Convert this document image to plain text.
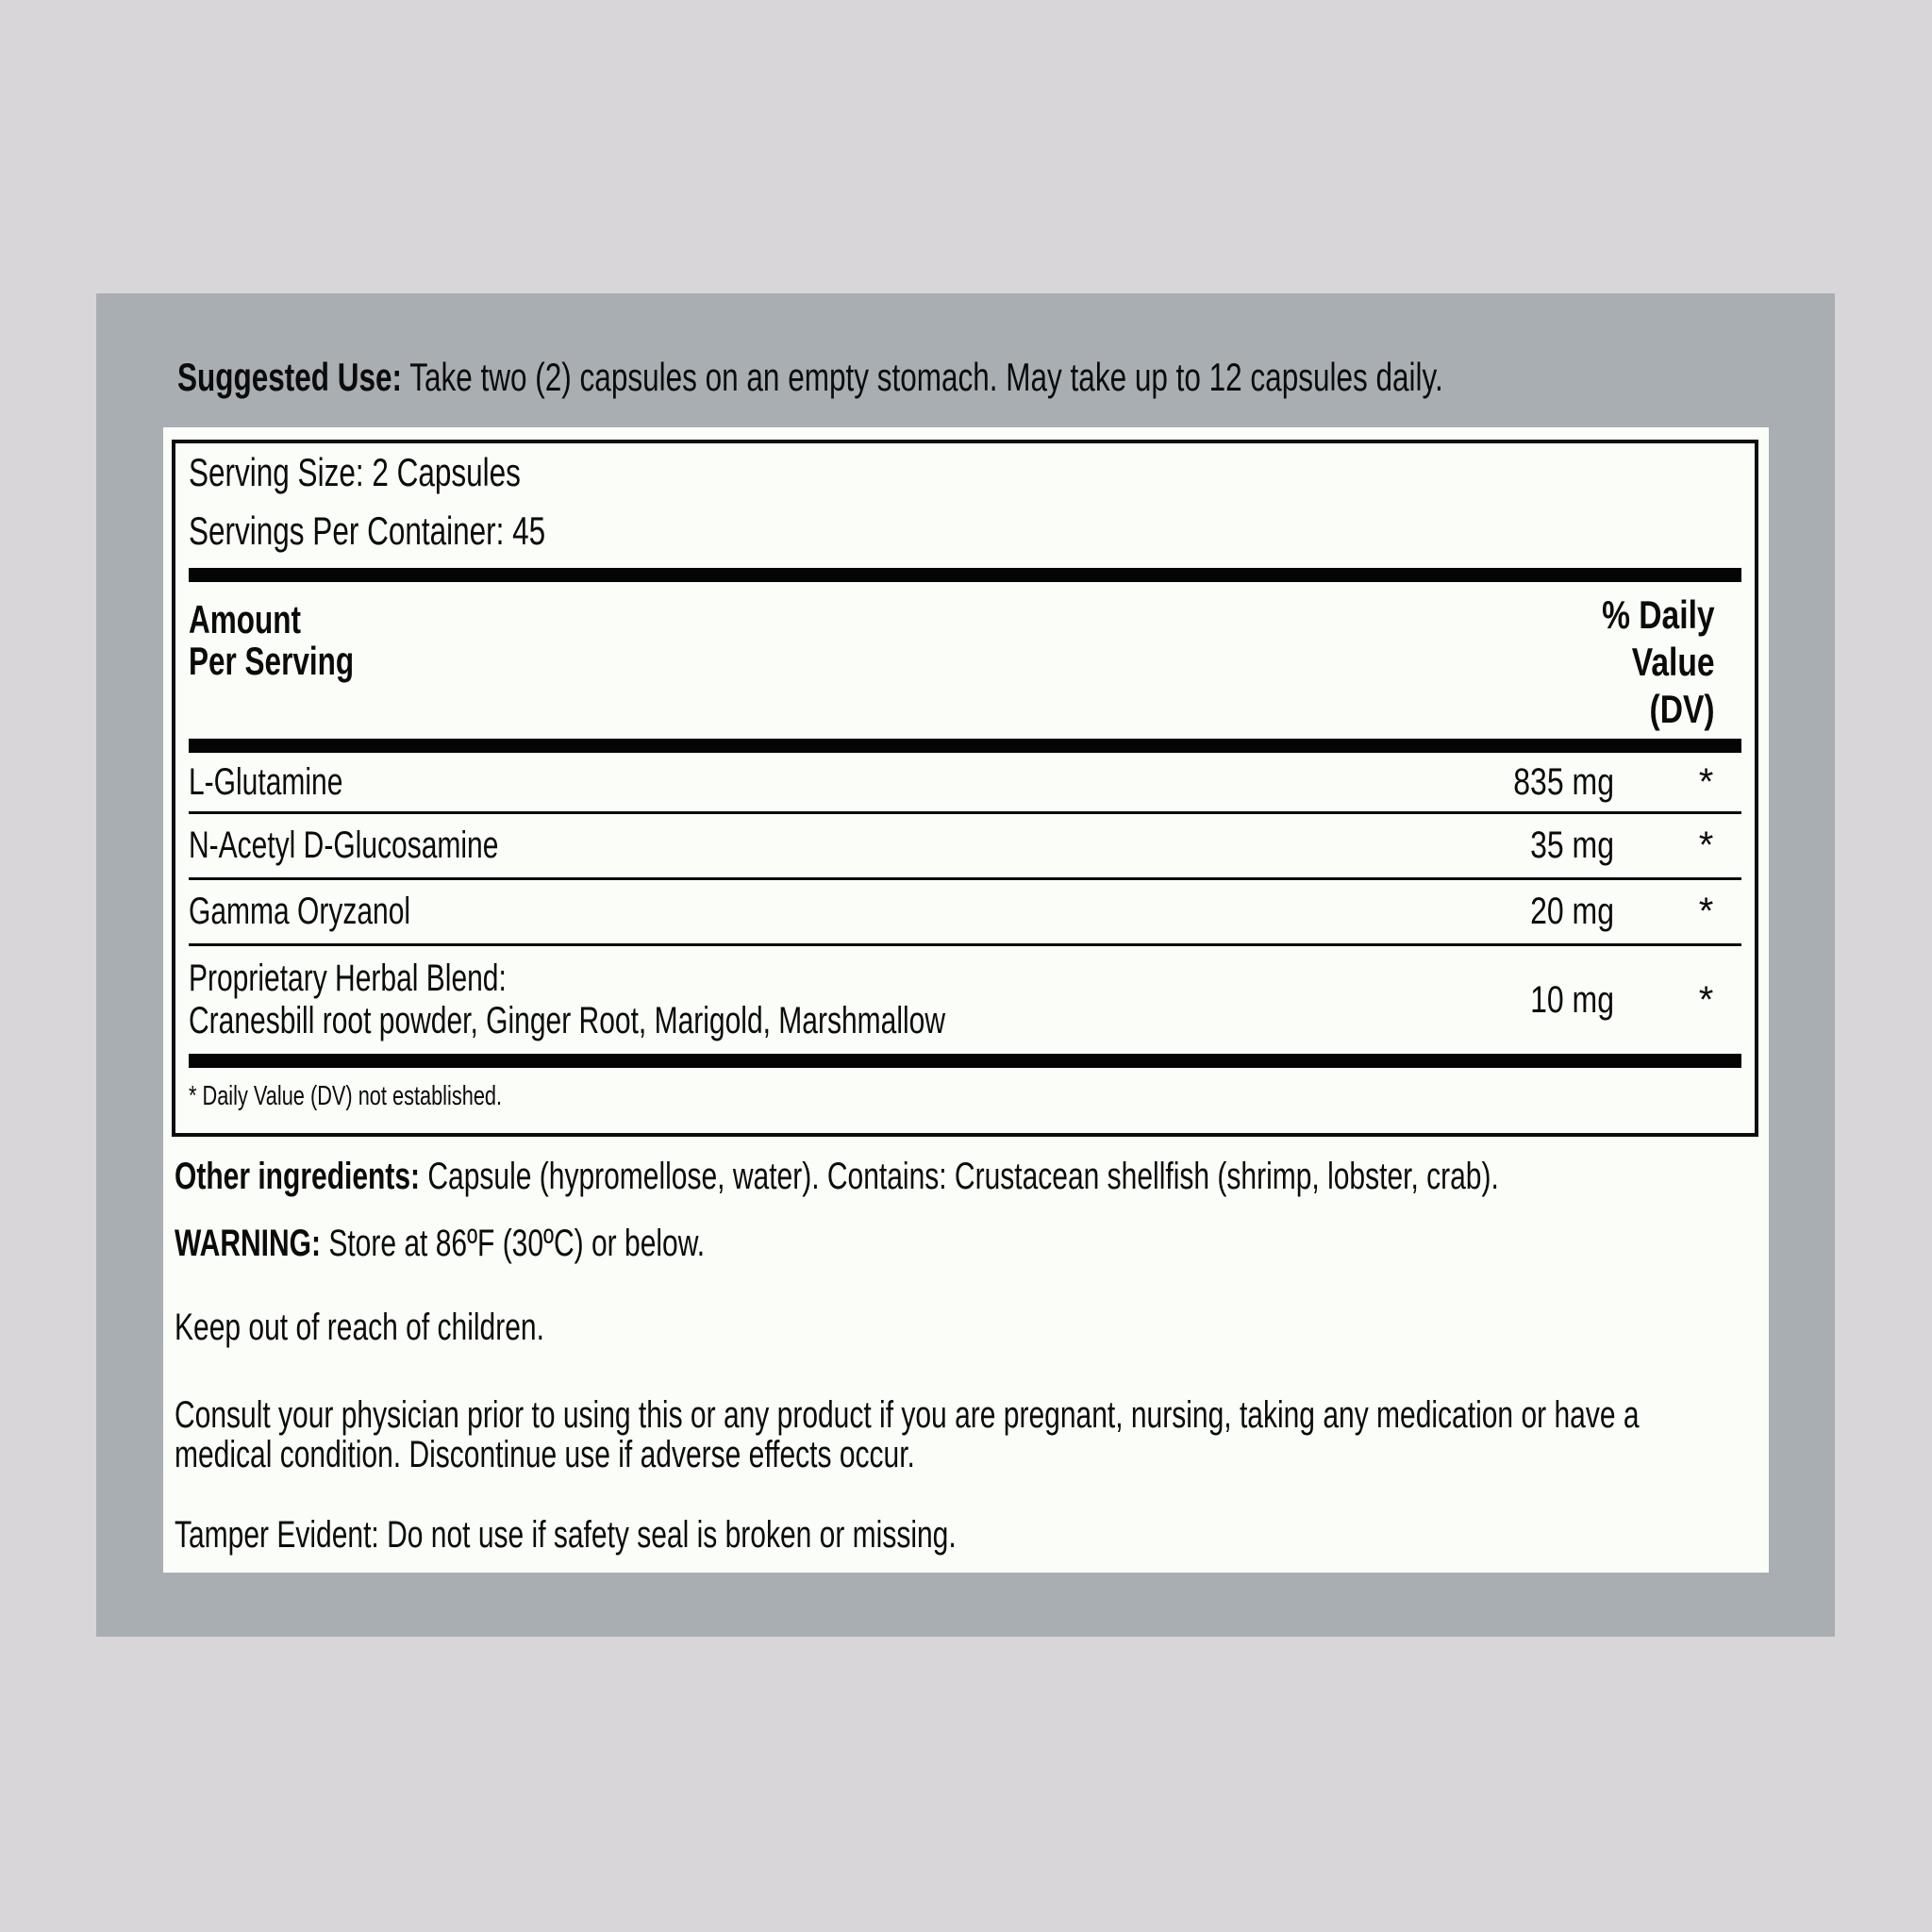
Suggested Use: Take two (2) capsules on an empty stomach. May take up to 12 capsules daily.
Serving Size: 2 Capsules
Servings Per Container: 45
Amount
Per Serving
% Daily
Value
(DV)
L-Glutamine	835 mg	*
N-Acetyl D-Glucosamine	35 mg	*
Gamma Oryzanol	20 mg	*
Proprietary Herbal Blend:
Cranesbill root powder, Ginger Root, Marigold, Marshmallow
10 mg	*
* Daily Value (DV) not established.
Other ingredients: Capsule (hypromellose, water). Contains: Crustacean shellfish (shrimp, lobster, crab).
WARNING: Store at 86ºF (30ºC) or below.
Keep out of reach of children.
Consult your physician prior to using this or any product if you are pregnant, nursing, taking any medication or have a
medical condition. Discontinue use if adverse effects occur.
Tamper Evident: Do not use if safety seal is broken or missing.
